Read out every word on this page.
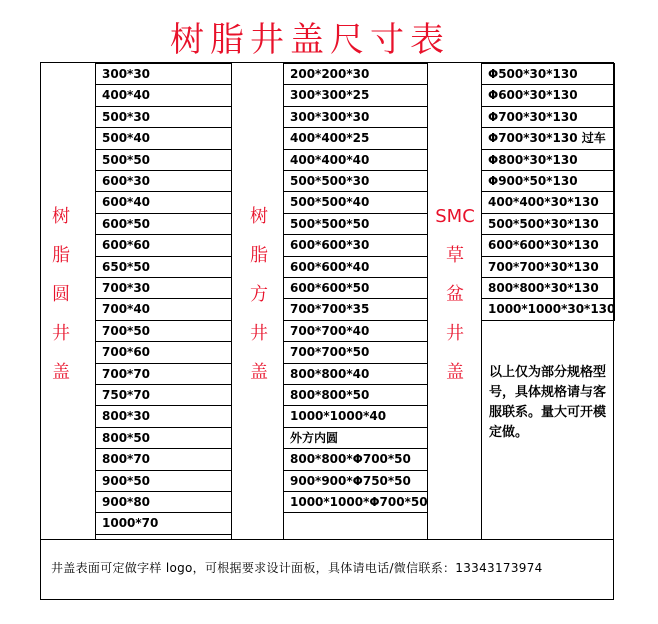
树脂井盖尺寸表
树
脂
圆
井
盖
树
脂
方
井
盖
SMC
草
盆
井
盖
300*30
400*40
500*30
500*40
500*50
600*30
600*40
600*50
600*60
650*50
700*30
700*40
700*50
700*60
700*70
750*70
800*30
800*50
800*70
900*50
900*80
1000*70
200*200*30
300*300*25
300*300*30
400*400*25
400*400*40
500*500*30
500*500*40
500*500*50
600*600*30
600*600*40
600*600*50
700*700*35
700*700*40
700*700*50
800*800*40
800*800*50
1000*1000*40
外方内圆
800*800*Φ700*50
900*900*Φ750*50
1000*1000*Φ700*50
Φ500*30*130
Φ600*30*130
Φ700*30*130
Φ700*30*130 过车
Φ800*30*130
Φ900*50*130
400*400*30*130
500*500*30*130
600*600*30*130
700*700*30*130
800*800*30*130
1000*1000*30*130
以上仅为部分规格型号，具体规格请与客服联系。量大可开模定做。
井盖表面可定做字样 logo，可根据要求设计面板，具体请电话/微信联系：13343173974
